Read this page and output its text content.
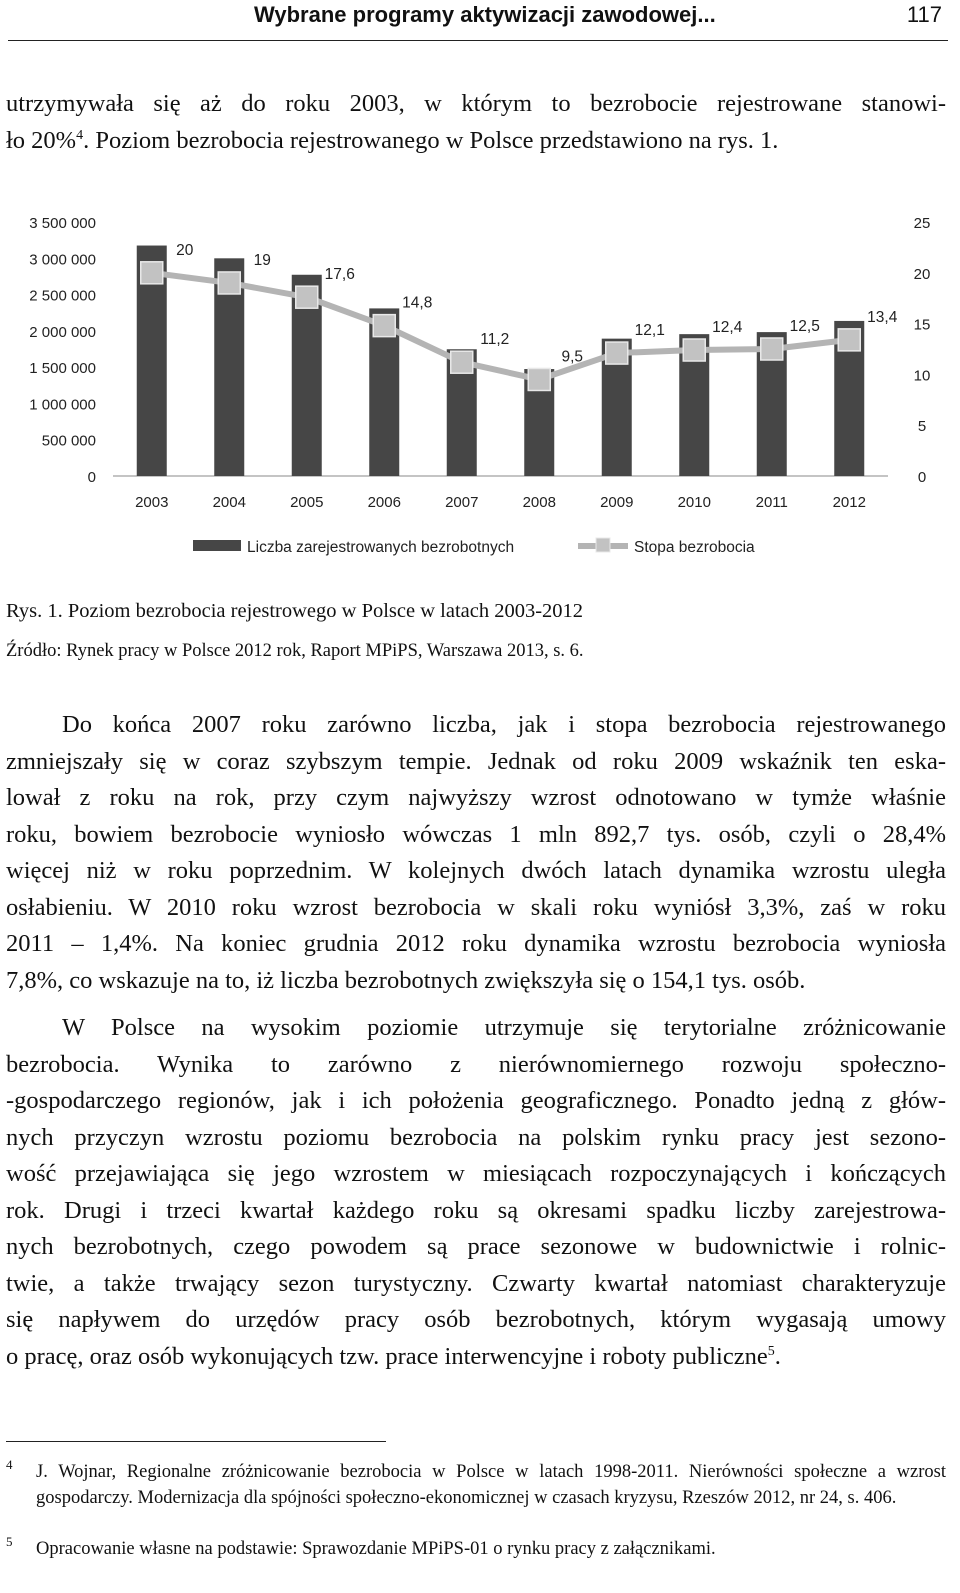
Wybrane programy aktywizacji zawodowej...	117
utrzymywała się aż do roku 2003, w którym to bezrobocie rejestrowane stanowi-
ło 20%$^4$. Poziom bezrobocia rejestrowanego w Polsce przedstawiono na rys. 1.
0
500 000
1 000 000
1 500 000
2 000 000
2 500 000
3 000 000
3 500 000
0
5
10
15
20
25
2003	2004	2005	2006	2007	2008	2009	2010	2011	2012
20
19
17,6
14,8
11,2
9,5
12,1	12,4	12,5
13,4
Liczba zarejestrowanych bezrobotnych	Stopa bezrobocia
Rys. 1. Poziom bezrobocia rejestrowego w Polsce w latach 2003-2012
Źródło: Rynek pracy w Polsce 2012 rok, Raport MPiPS, Warszawa 2013, s. 6.
Do końca 2007 roku zarówno liczba, jak i stopa bezrobocia rejestrowanego
zmniejszały się w coraz szybszym tempie. Jednak od roku 2009 wskaźnik ten eska-
lował z roku na rok, przy czym najwyższy wzrost odnotowano w tymże właśnie
roku, bowiem bezrobocie wyniosło wówczas 1 mln 892,7 tys. osób, czyli o 28,4%
więcej niż w roku poprzednim. W kolejnych dwóch latach dynamika wzrostu uległa
osłabieniu. W 2010 roku wzrost bezrobocia w skali roku wyniósł 3,3%, zaś w roku
2011 – 1,4%. Na koniec grudnia 2012 roku dynamika wzrostu bezrobocia wyniosła
7,8%, co wskazuje na to, iż liczba bezrobotnych zwiększyła się o 154,1 tys. osób.
W Polsce na wysokim poziomie utrzymuje się terytorialne zróżnicowanie
bezrobocia. Wynika to zarówno z nierównomiernego rozwoju społeczno-
-gospodarczego regionów, jak i ich położenia geograficznego. Ponadto jedną z głów-
nych przyczyn wzrostu poziomu bezrobocia na polskim rynku pracy jest sezono-
wość przejawiająca się jego wzrostem w miesiącach rozpoczynających i kończących
rok. Drugi i trzeci kwartał każdego roku są okresami spadku liczby zarejestrowa-
nych bezrobotnych, czego powodem są prace sezonowe w budownictwie i rolnic-
twie, a także trwający sezon turystyczny. Czwarty kwartał natomiast charakteryzuje
się napływem do urzędów pracy osób bezrobotnych, którym wygasają umowy
o pracę, oraz osób wykonujących tzw. prace interwencyjne i roboty publiczne$^5$.
4 J. Wojnar, Regionalne zróżnicowanie bezrobocia w Polsce w latach 1998-2011. Nierówności społeczne a wzrost gospodarczy. Modernizacja dla spójności społeczno-ekonomicznej w czasach kryzysu, Rzeszów 2012, nr 24, s. 406.
5 Opracowanie własne na podstawie: Sprawozdanie MPiPS-01 o rynku pracy z załącznikami.
